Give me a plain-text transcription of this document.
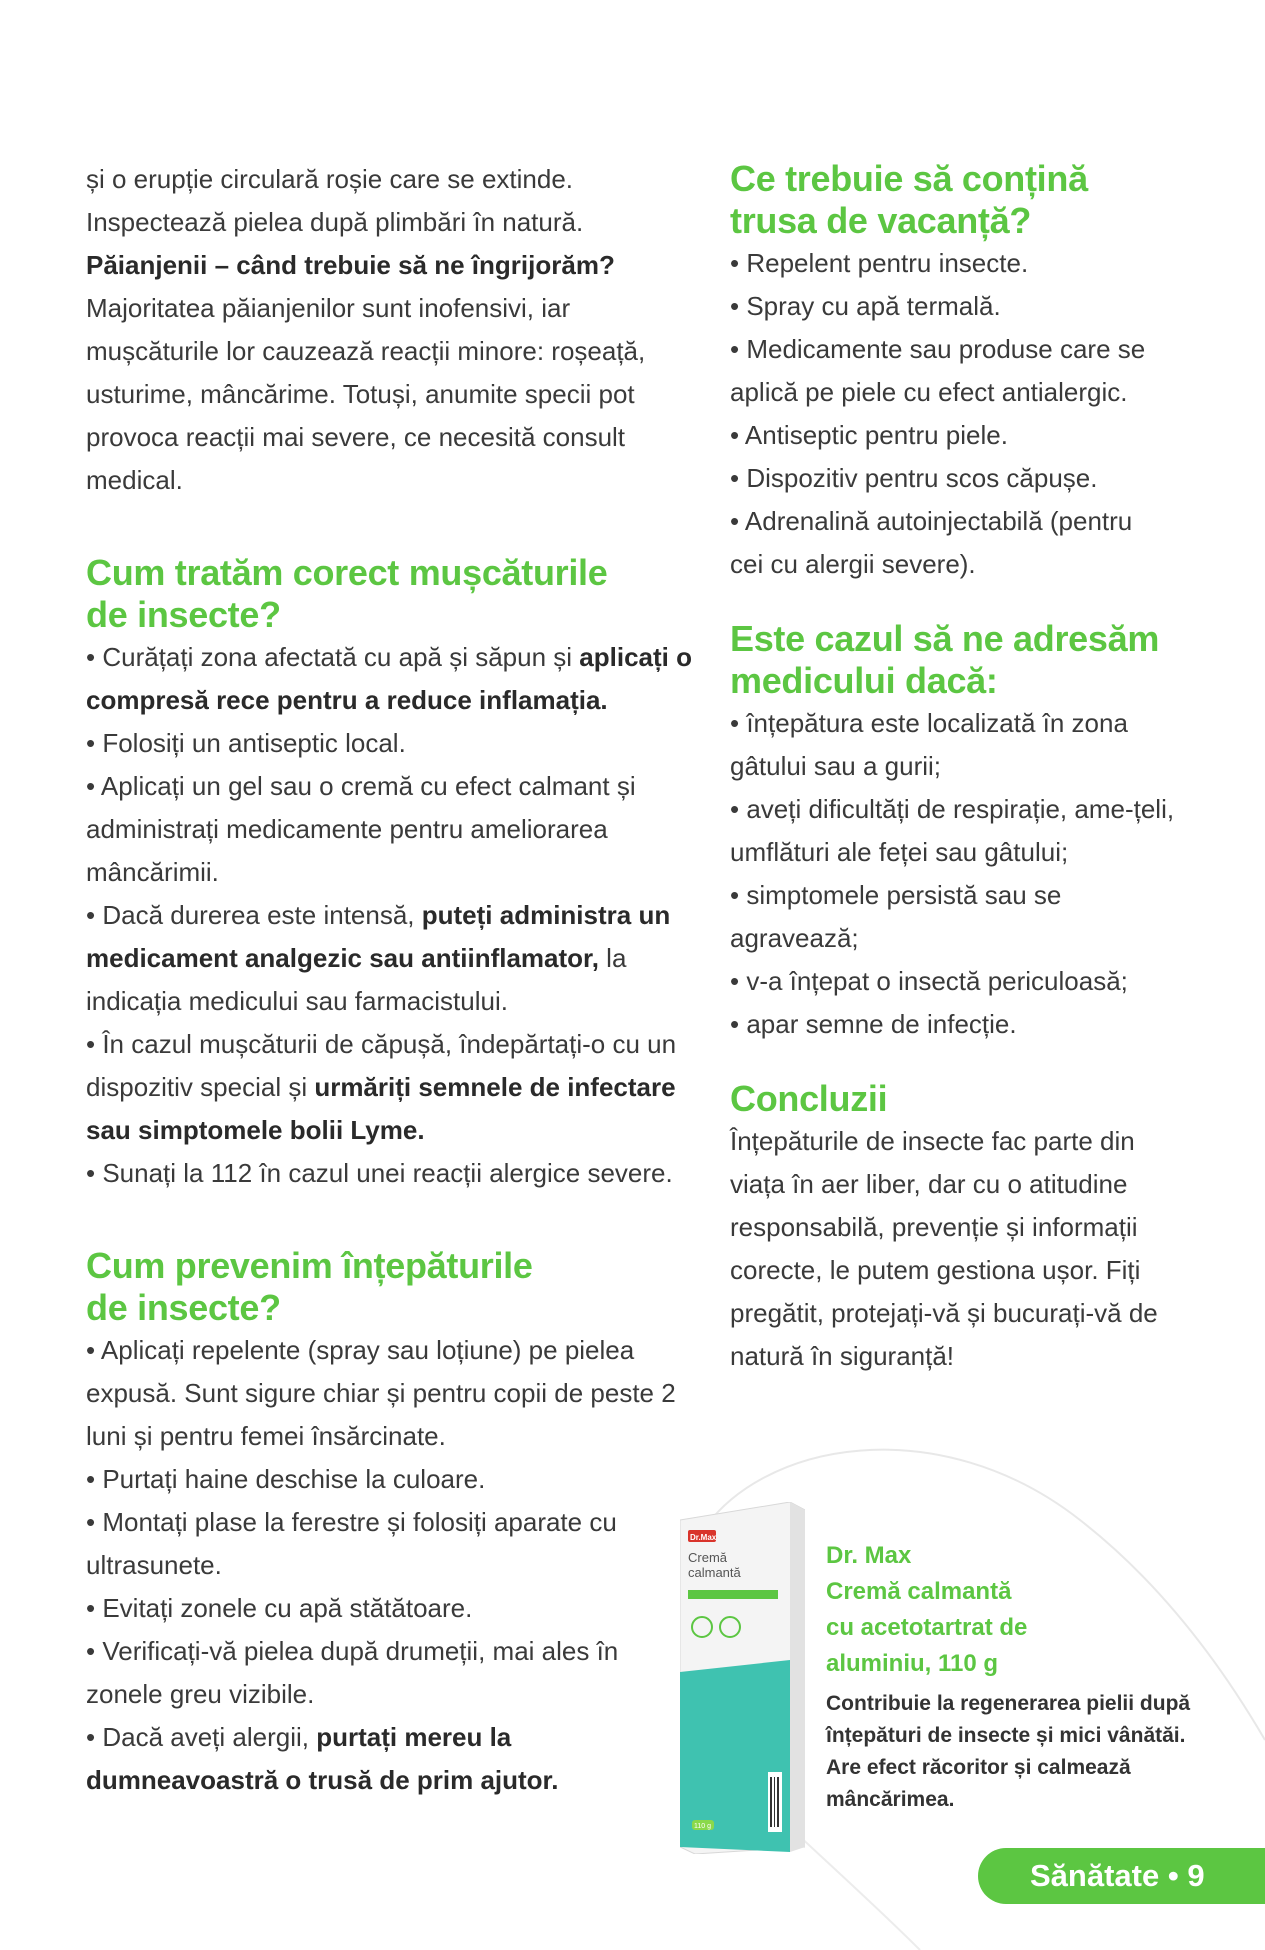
și o erupție circulară roșie care se extinde.

Inspectează pielea după plimbări în natură.

Păianjenii – când trebuie să ne îngrijorăm?

Majoritatea păianjenilor sunt inofensivi, iar mușcăturile lor cauzează reacții minore: roșeață, usturime, mâncărime. Totuși, anumite specii pot provoca reacții mai severe, ce necesită consult medical.

Cum tratăm corect mușcăturile
de insecte?

• Curățați zona afectată cu apă și săpun și aplicați o compresă rece pentru a reduce inflamația.

• Folosiți un antiseptic local.

• Aplicați un gel sau o cremă cu efect calmant și administrați medicamente pentru ameliorarea mâncărimii.

• Dacă durerea este intensă, puteți administra un medicament analgezic sau antiinflamator, la indicația medicului sau farmacistului.

• În cazul mușcăturii de căpușă, îndepărtați-o cu un dispozitiv special și urmăriți semnele de infectare sau simptomele bolii Lyme.

• Sunați la 112 în cazul unei reacții alergice severe.

Cum prevenim înțepăturile
de insecte?

• Aplicați repelente (spray sau loțiune) pe pielea expusă. Sunt sigure chiar și pentru copii de peste 2 luni și pentru femei însărcinate.

• Purtați haine deschise la culoare.

• Montați plase la ferestre și folosiți aparate cu ultrasunete.

• Evitați zonele cu apă stătătoare.

• Verificați-vă pielea după drumeții, mai ales în zonele greu vizibile.

• Dacă aveți alergii, purtați mereu la dumneavoastră o trusă de prim ajutor.

Ce trebuie să conțină
trusa de vacanță?

• Repelent pentru insecte.

• Spray cu apă termală.

• Medicamente sau produse care se aplică pe piele cu efect antialergic.

• Antiseptic pentru piele.

• Dispozitiv pentru scos căpușe.

• Adrenalină autoinjectabilă (pentru cei cu alergii severe).

Este cazul să ne adresăm
medicului dacă:

• înțepătura este localizată în zona gâtului sau a gurii;

• aveți dificultăți de respirație, ame-țeli, umflături ale feței sau gâtului;

• simptomele persistă sau se agravează;

• v-a înțepat o insectă periculoasă;

• apar semne de infecție.

Concluzii

Înțepăturile de insecte fac parte din viața în aer liber, dar cu o atitudine responsabilă, prevenție și informații corecte, le putem gestiona ușor. Fiți pregătit, protejați-vă și bucurați-vă de natură în siguranță!

Dr.Max
Cremă
calmantă
110 g

Dr. Max

Cremă calmantă

cu acetotartrat de

aluminiu, 110 g

Contribuie la regenerarea pielii după înțepături de insecte și mici vânătăi. Are efect răcoritor și calmează mâncărimea.

Sănătate • 9
